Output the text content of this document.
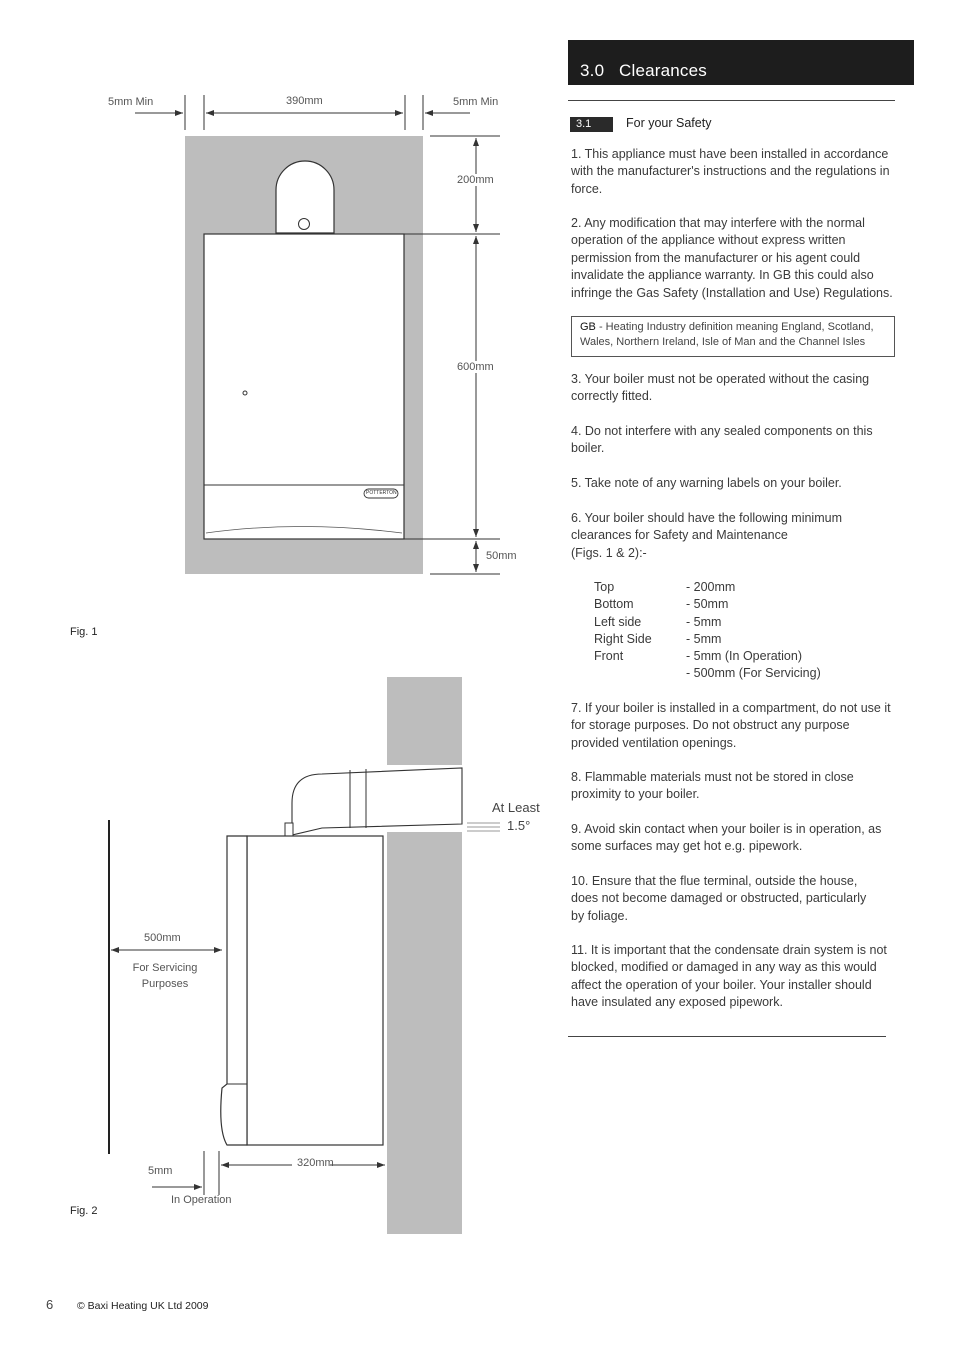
3.0   Clearances
3.1	For your Safety
1. This appliance must have been installed in accordance with the manufacturer's instructions and the regulations in force.
2. Any modification that may interfere with the normal operation of the appliance without express written permission from the manufacturer or his agent could invalidate the appliance warranty. In GB this could also infringe the Gas Safety (Installation and Use) Regulations.
GB - Heating Industry definition meaning England, Scotland, Wales, Northern Ireland, Isle of Man and the Channel Isles
3. Your boiler must not be operated without the casing correctly fitted.
4. Do not interfere with any sealed components on this boiler.
5. Take note of any warning labels on your boiler.
6. Your boiler should have the following minimum clearances for Safety and Maintenance
(Figs. 1 & 2):-
Top	- 200mm
Bottom	- 50mm
Left side	- 5mm
Right Side	- 5mm
Front	- 5mm (In Operation)
- 500mm (For Servicing)
7. If your boiler is installed in a compartment, do not use it for storage purposes. Do not obstruct any purpose provided ventilation openings.
8. Flammable materials must not be stored in close proximity to your boiler.
9. Avoid skin contact when your boiler is in operation, as some surfaces may get hot e.g. pipework.
10. Ensure that the flue terminal, outside the house, does not become damaged or obstructed, particularly by foliage.
11. It is important that the condensate drain system is not blocked, modified or damaged in any way as this would affect the operation of your boiler. Your installer should have insulated any exposed pipework.
5mm Min	390mm	5mm Min
200mm
600mm
50mm
POTTERTON
Fig. 1
At Least
1.5°
500mm
For Servicing
Purposes
5mm
In Operation
320mm
Fig. 2
6 © Baxi Heating UK Ltd 2009
